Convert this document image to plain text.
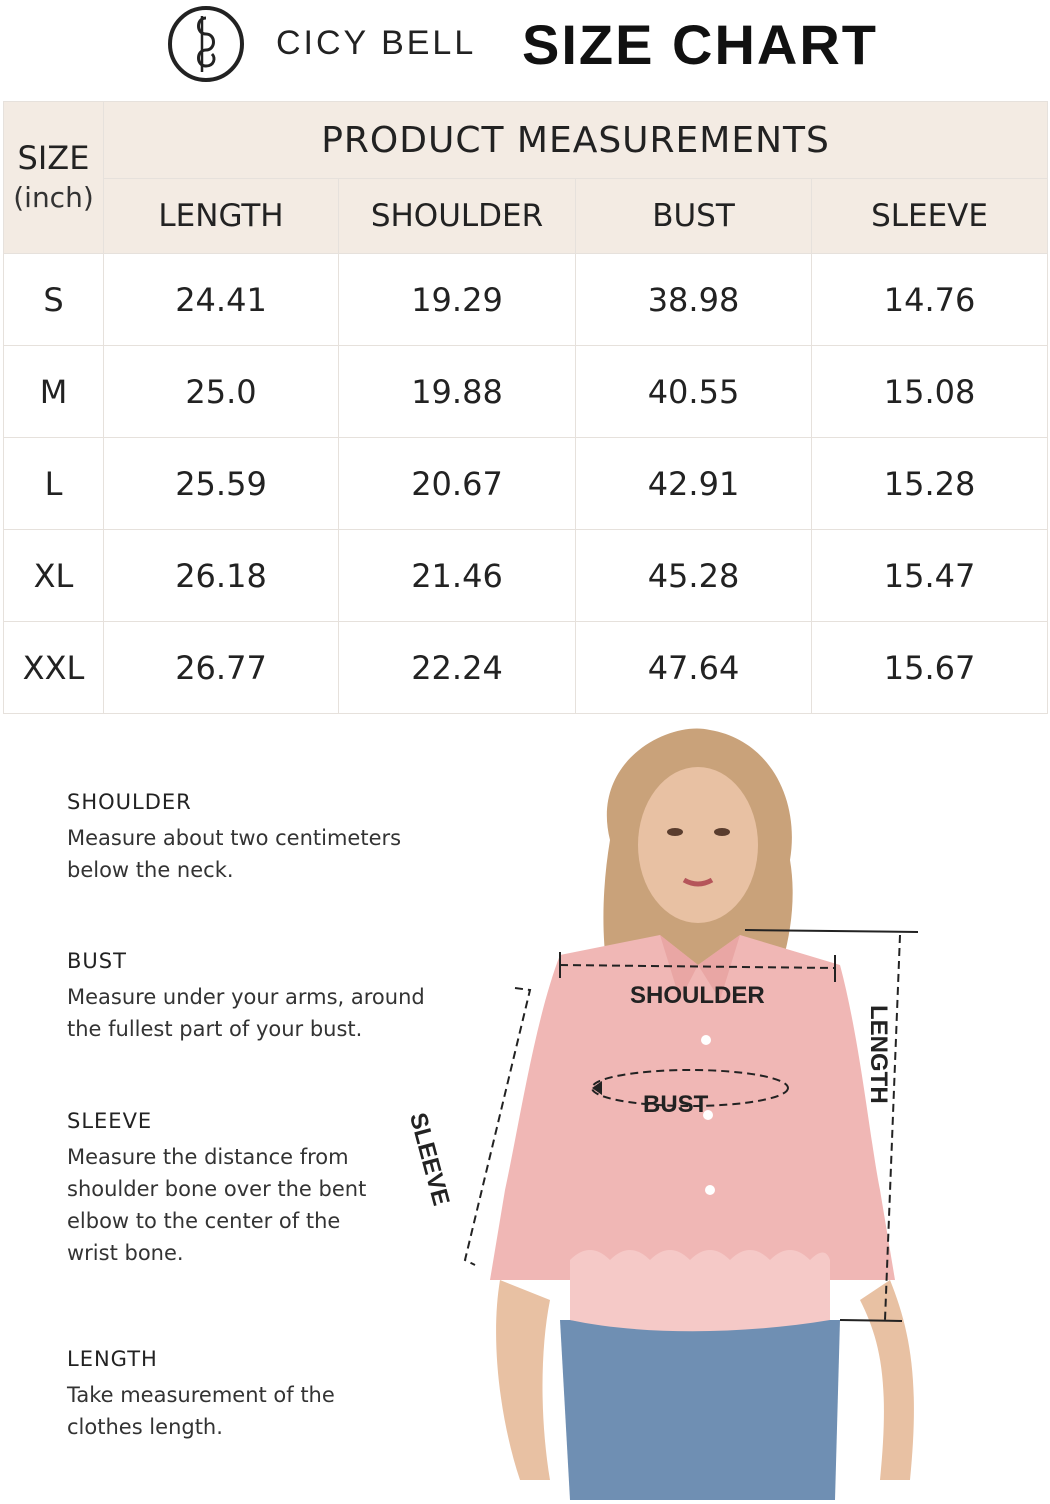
CICY BELL SIZE CHART
SIZE
(inch)	PRODUCT MEASUREMENTS			
	LENGTH	SHOULDER	BUST	SLEEVE
S	24.41	19.29	38.98	14.76
M	25.0	19.88	40.55	15.08
L	25.59	20.67	42.91	15.28
XL	26.18	21.46	45.28	15.47
XXL	26.77	22.24	47.64	15.67
SHOULDER
Measure about two centimeters
below the neck.
BUST
Measure under your arms, around
the fullest part of your bust.
SLEEVE
Measure the distance from
shoulder bone over the bent
elbow to the center of the
wrist bone.
LENGTH
Take measurement of the
clothes length.
SHOULDER
BUST
SLEEVE
LENGTH
